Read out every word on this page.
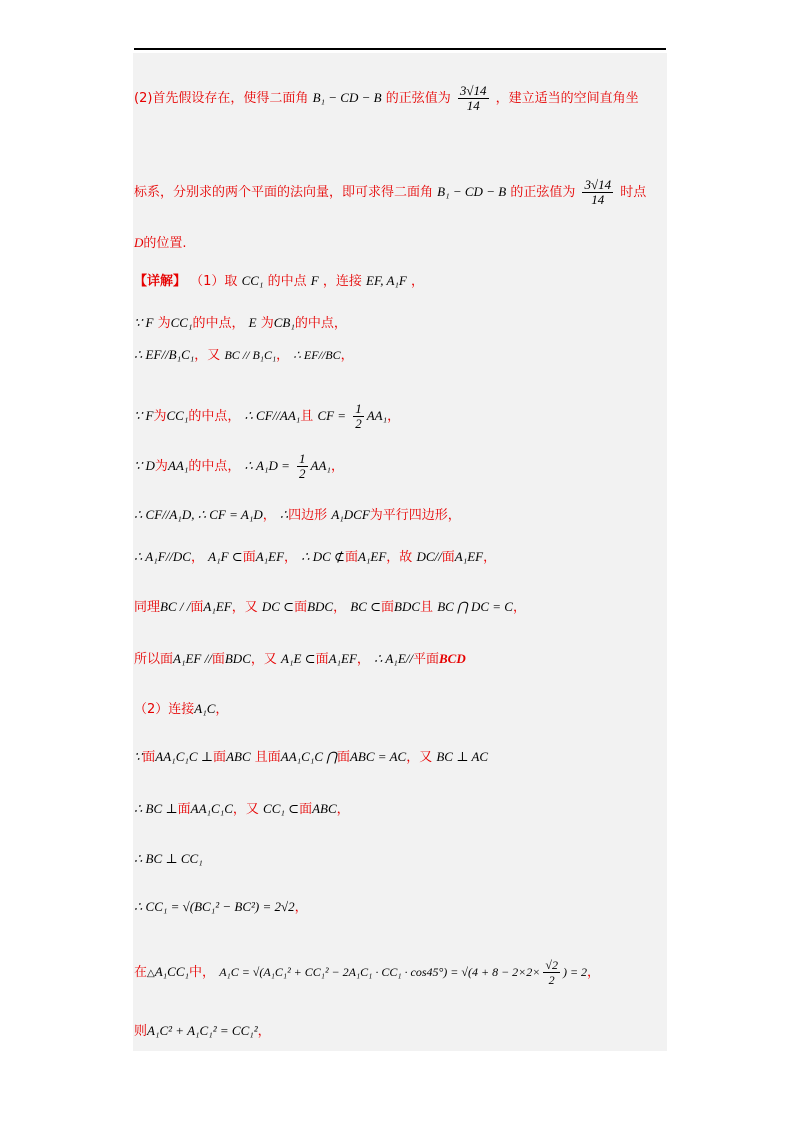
(2)首先假设存在，使得二面角 B₁ − CD − B 的正弦值为 $\frac{3√14}{14}$ ，建立适当的空间直角坐
标系，分别求的两个平面的法向量，即可求得二面角 B₁ − CD − B 的正弦值为 $\frac{3√14}{14}$ 时点
D的位置.
【详解】 （1）取 CC₁ 的中点 F ，连接 EF, A₁F ，
∵ F 为CC₁的中点， E 为CB₁的中点，
∴ EF//B₁C₁，又 BC // B₁C₁， ∴ EF//BC，
∵ F为CC₁的中点， ∴ CF//AA₁且 CF = $\frac{1}{2} AA_1$，
∵ D为AA₁的中点， ∴ $A_1D = \frac{1}{2} AA_1$，
∴ CF//A₁D, ∴ CF = A₁D， ∴四边形 A₁DCF为平行四边形，
∴ A₁F//DC， A₁F ⊂面A₁EF， ∴ DC ⊄面A₁EF，故 DC//面A₁EF，
同理BC / /面A₁EF，又 DC ⊂面BDC， BC ⊂面BDC且 BC ⋂ DC = C，
所以面A₁EF //面BDC，又 A₁E ⊂面A₁EF， ∴ A₁E//平面BCD
（2）连接A₁C，
∵面AA₁C₁C ⊥面ABC 且面AA₁C₁C ⋂面ABC = AC，又 BC ⊥ AC
∴ BC ⊥面AA₁C₁C，又 CC₁ ⊂面ABC，
∴ BC ⊥ CC₁
∴ CC₁ = √(BC₁² − BC²) = 2√2，
在△A₁CC₁中， $A_1C = √(A_1C_1^2 + CC_1^2 - 2A_1C_1 \cdot CC_1 \cdot \cos 45^\circ) = √(4 + 8 - 2\times 2\times \frac{√2}{2}$ ) = 2，
则A₁C² + A₁C₁² = CC₁²，
